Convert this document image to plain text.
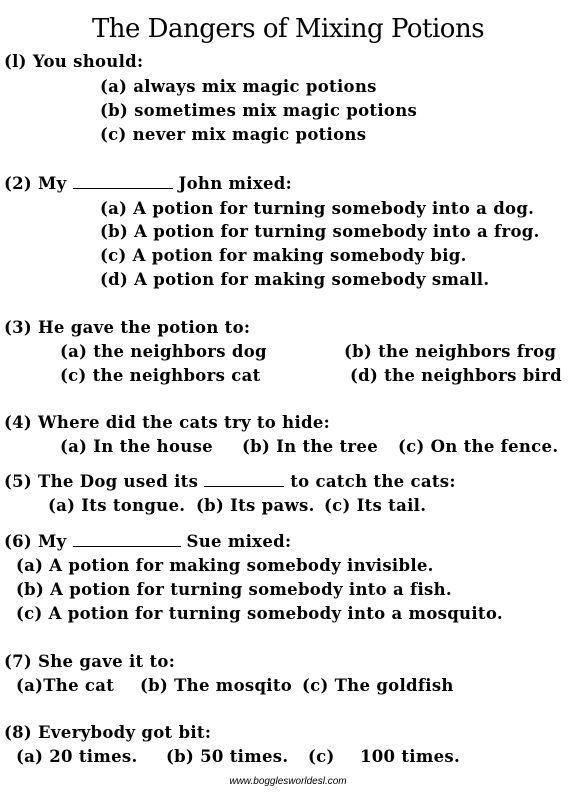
The Dangers of Mixing Potions
(l) You should:
(a) always mix magic potions
(b) sometimes mix magic potions
(c) never mix magic potions
(2) My	John mixed:
(a) A potion for turning somebody into a dog.
(b) A potion for turning somebody into a frog.
(c) A potion for making somebody big.
(d) A potion for making somebody small.
(3) He gave the potion to:
(a) the neighbors dog	(b) the neighbors frog
(c) the neighbors cat	(d) the neighbors bird
(4) Where did the cats try to hide:
(a) In the house (b) In the tree (c) On the fence.
(5) The Dog used its	to catch the cats:
(a) Its tongue. (b) Its paws. (c) Its tail.
(6) My	Sue mixed:
(a) A potion for making somebody invisible.
(b) A potion for turning somebody into a fish.
(c) A potion for turning somebody into a mosquito.
(7) She gave it to:
(a)The cat (b) The mosqito (c) The goldfish
(8) Everybody got bit:
(a) 20 times. (b) 50 times. (c) 100 times.
www.bogglesworldesl.com
